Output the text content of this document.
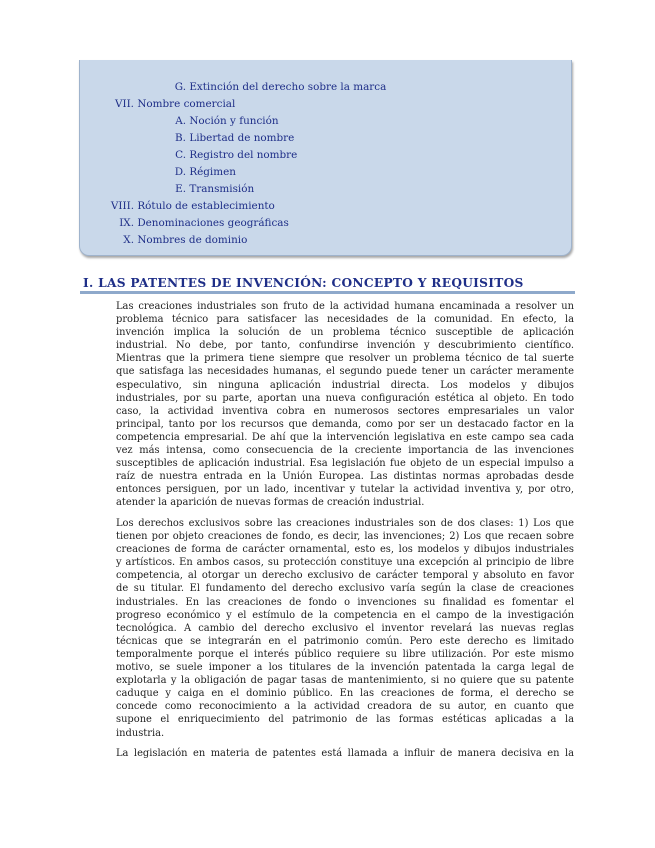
G. Extinción del derecho sobre la marca
VII. Nombre comercial
A. Noción y función
B. Libertad de nombre
C. Registro del nombre
D. Régimen
E. Transmisión
VIII. Rótulo de establecimiento
IX. Denominaciones geográficas
X. Nombres de dominio
I. LAS PATENTES DE INVENCIÓN: CONCEPTO Y REQUISITOS
Las creaciones industriales son fruto de la actividad humana encaminada a resolver un
problema técnico para satisfacer las necesidades de la comunidad. En efecto, la
invención implica la solución de un problema técnico susceptible de aplicación
industrial. No debe, por tanto, confundirse invención y descubrimiento científico.
Mientras que la primera tiene siempre que resolver un problema técnico de tal suerte
que satisfaga las necesidades humanas, el segundo puede tener un carácter meramente
especulativo, sin ninguna aplicación industrial directa. Los modelos y dibujos
industriales, por su parte, aportan una nueva configuración estética al objeto. En todo
caso, la actividad inventiva cobra en numerosos sectores empresariales un valor
principal, tanto por los recursos que demanda, como por ser un destacado factor en la
competencia empresarial. De ahí que la intervención legislativa en este campo sea cada
vez más intensa, como consecuencia de la creciente importancia de las invenciones
susceptibles de aplicación industrial. Esa legislación fue objeto de un especial impulso a
raíz de nuestra entrada en la Unión Europea. Las distintas normas aprobadas desde
entonces persiguen, por un lado, incentivar y tutelar la actividad inventiva y, por otro,
atender la aparición de nuevas formas de creación industrial.
Los derechos exclusivos sobre las creaciones industriales son de dos clases: 1) Los que
tienen por objeto creaciones de fondo, es decir, las invenciones; 2) Los que recaen sobre
creaciones de forma de carácter ornamental, esto es, los modelos y dibujos industriales
y artísticos. En ambos casos, su protección constituye una excepción al principio de libre
competencia, al otorgar un derecho exclusivo de carácter temporal y absoluto en favor
de su titular. El fundamento del derecho exclusivo varía según la clase de creaciones
industriales. En las creaciones de fondo o invenciones su finalidad es fomentar el
progreso económico y el estímulo de la competencia en el campo de la investigación
tecnológica. A cambio del derecho exclusivo el inventor revelará las nuevas reglas
técnicas que se integrarán en el patrimonio común. Pero este derecho es limitado
temporalmente porque el interés público requiere su libre utilización. Por este mismo
motivo, se suele imponer a los titulares de la invención patentada la carga legal de
explotarla y la obligación de pagar tasas de mantenimiento, si no quiere que su patente
caduque y caiga en el dominio público. En las creaciones de forma, el derecho se
concede como reconocimiento a la actividad creadora de su autor, en cuanto que
supone el enriquecimiento del patrimonio de las formas estéticas aplicadas a la
industria.
La legislación en materia de patentes está llamada a influir de manera decisiva en la
